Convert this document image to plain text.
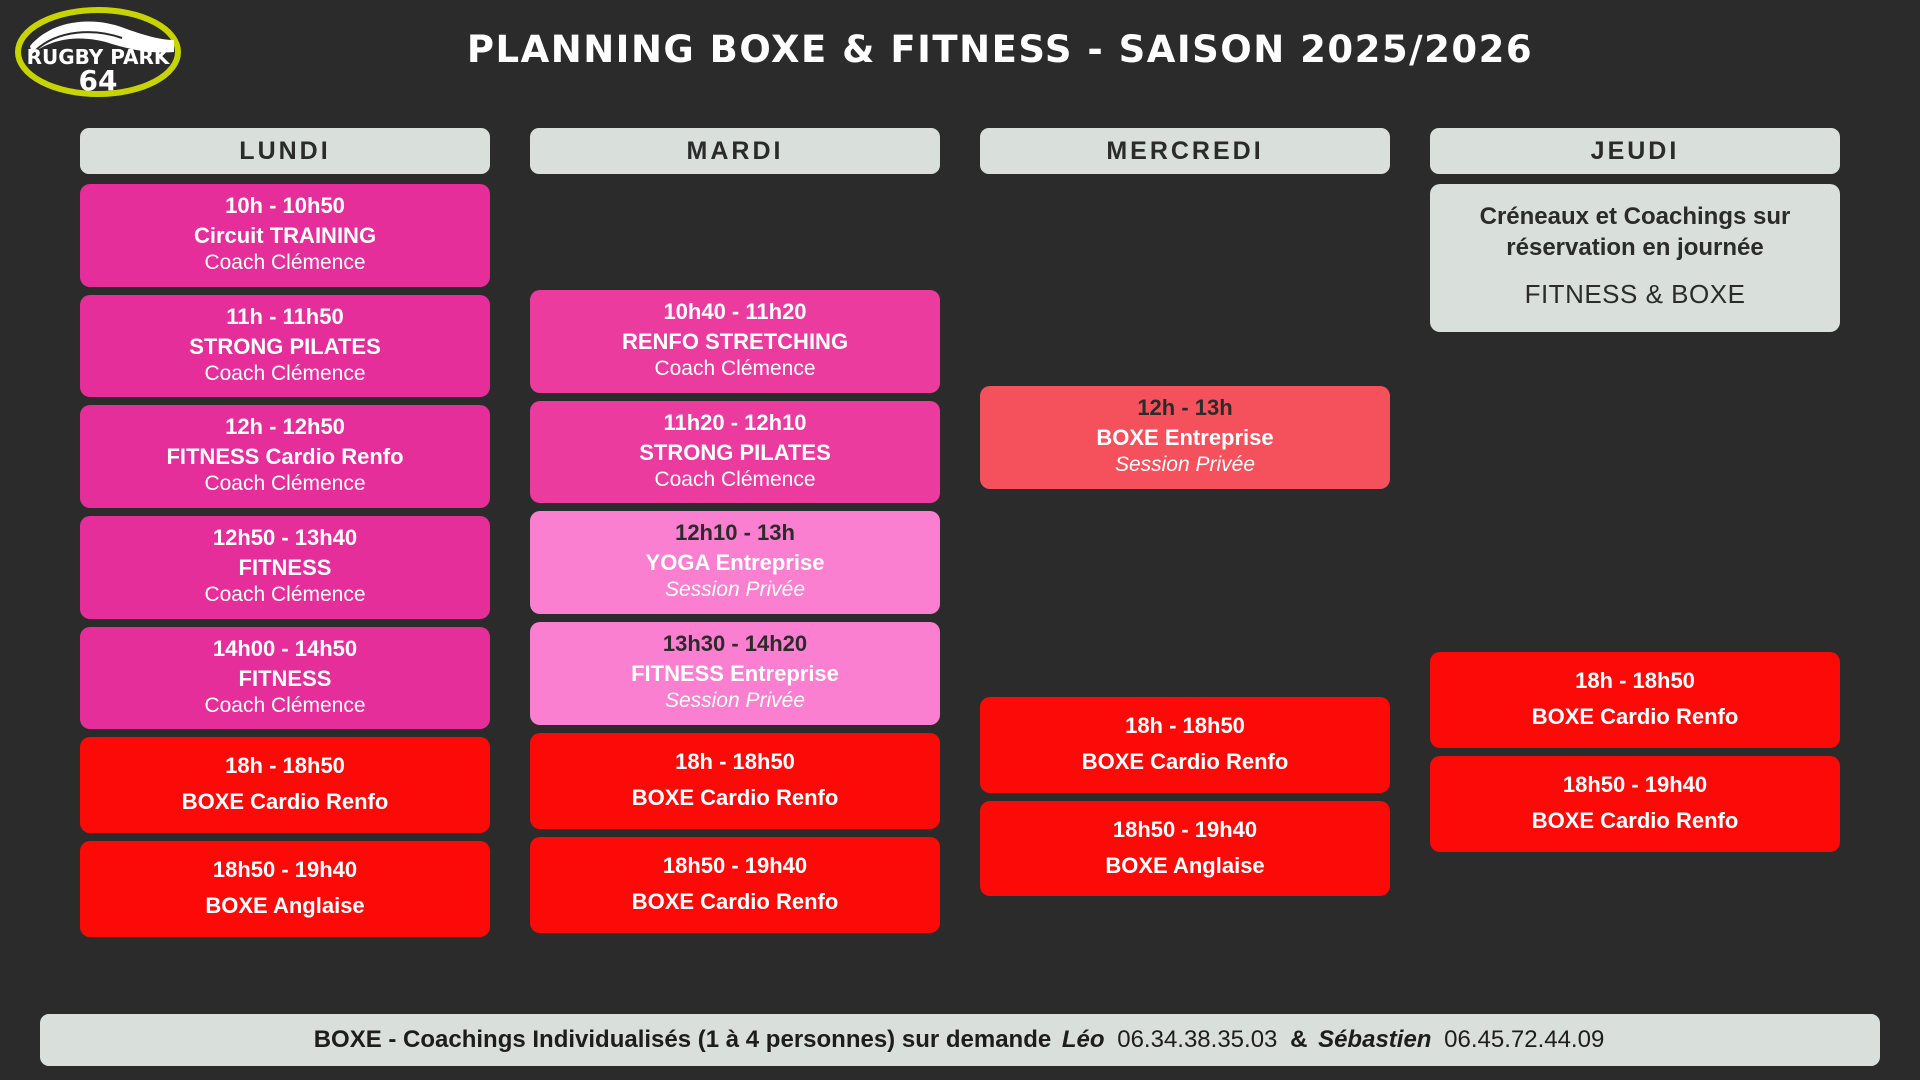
RUGBY PARK
64
PLANNING BOXE & FITNESS - SAISON 2025/2026
LUNDI
10h - 10h50
Circuit TRAINING
Coach Clémence
11h - 11h50
STRONG PILATES
Coach Clémence
12h - 12h50
FITNESS Cardio Renfo
Coach Clémence
12h50 - 13h40
FITNESS
Coach Clémence
14h00 - 14h50
FITNESS
Coach Clémence
18h - 18h50
BOXE Cardio Renfo
18h50 - 19h40
BOXE Anglaise
MARDI
10h40 - 11h20
RENFO STRETCHING
Coach Clémence
11h20 - 12h10
STRONG PILATES
Coach Clémence
12h10 - 13h
YOGA Entreprise
Session Privée
13h30 - 14h20
FITNESS Entreprise
Session Privée
18h - 18h50
BOXE Cardio Renfo
18h50 - 19h40
BOXE Cardio Renfo
MERCREDI
12h - 13h
BOXE Entreprise
Session Privée
18h - 18h50
BOXE Cardio Renfo
18h50 - 19h40
BOXE Anglaise
JEUDI
Créneaux et Coachings sur réservation en journée
FITNESS & BOXE
18h - 18h50
BOXE Cardio Renfo
18h50 - 19h40
BOXE Cardio Renfo
BOXE - Coachings Individualisés (1 à 4 personnes) sur demande
Léo
06.34.38.35.03
&
Sébastien
06.45.72.44.09
